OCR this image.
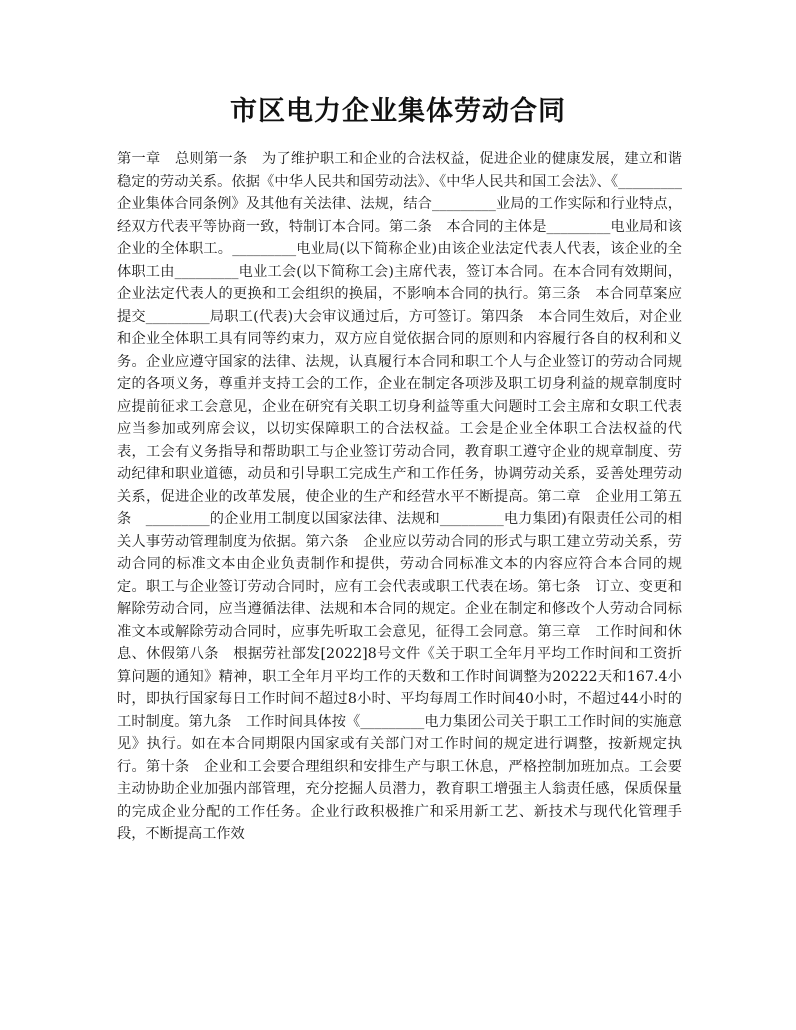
市区电力企业集体劳动合同
第一章　总则第一条　为了维护职工和企业的合法权益，促进企业的健康发展，建立和谐稳定的劳动关系。依据《中华人民共和国劳动法》、《中华人民共和国工会法》、《_________企业集体合同条例》及其他有关法律、法规，结合_________业局的工作实际和行业特点，经双方代表平等协商一致，特制订本合同。第二条　本合同的主体是_________电业局和该企业的全体职工。_________电业局(以下简称企业)由该企业法定代表人代表，该企业的全体职工由_________电业工会(以下简称工会)主席代表，签订本合同。在本合同有效期间，企业法定代表人的更换和工会组织的换届，不影响本合同的执行。第三条　本合同草案应提交_________局职工(代表)大会审议通过后，方可签订。第四条　本合同生效后，对企业和企业全体职工具有同等约束力，双方应自觉依据合同的原则和内容履行各自的权利和义务。企业应遵守国家的法律、法规，认真履行本合同和职工个人与企业签订的劳动合同规定的各项义务，尊重并支持工会的工作，企业在制定各项涉及职工切身利益的规章制度时应提前征求工会意见，企业在研究有关职工切身利益等重大问题时工会主席和女职工代表应当参加或列席会议，以切实保障职工的合法权益。工会是企业全体职工合法权益的代表，工会有义务指导和帮助职工与企业签订劳动合同，教育职工遵守企业的规章制度、劳动纪律和职业道德，动员和引导职工完成生产和工作任务，协调劳动关系，妥善处理劳动关系，促进企业的改革发展，使企业的生产和经营水平不断提高。第二章　企业用工第五条　_________的企业用工制度以国家法律、法规和_________电力集团)有限责任公司的相关人事劳动管理制度为依据。第六条　企业应以劳动合同的形式与职工建立劳动关系，劳动合同的标准文本由企业负责制作和提供，劳动合同标准文本的内容应符合本合同的规定。职工与企业签订劳动合同时，应有工会代表或职工代表在场。第七条　订立、变更和解除劳动合同，应当遵循法律、法规和本合同的规定。企业在制定和修改个人劳动合同标准文本或解除劳动合同时，应事先听取工会意见，征得工会同意。第三章　工作时间和休息、休假第八条　根据劳社部发[2022]8号文件《关于职工全年月平均工作时间和工资折算问题的通知》精神，职工全年月平均工作的天数和工作时间调整为20222天和167.4小时，即执行国家每日工作时间不超过8小时、平均每周工作时间40小时，不超过44小时的工时制度。第九条　工作时间具体按《_________电力集团公司关于职工工作时间的实施意见》执行。如在本合同期限内国家或有关部门对工作时间的规定进行调整，按新规定执行。第十条　企业和工会要合理组织和安排生产与职工休息，严格控制加班加点。工会要主动协助企业加强内部管理，充分挖掘人员潜力，教育职工增强主人翁责任感，保质保量的完成企业分配的工作任务。企业行政积极推广和采用新工艺、新技术与现代化管理手段，不断提高工作效
